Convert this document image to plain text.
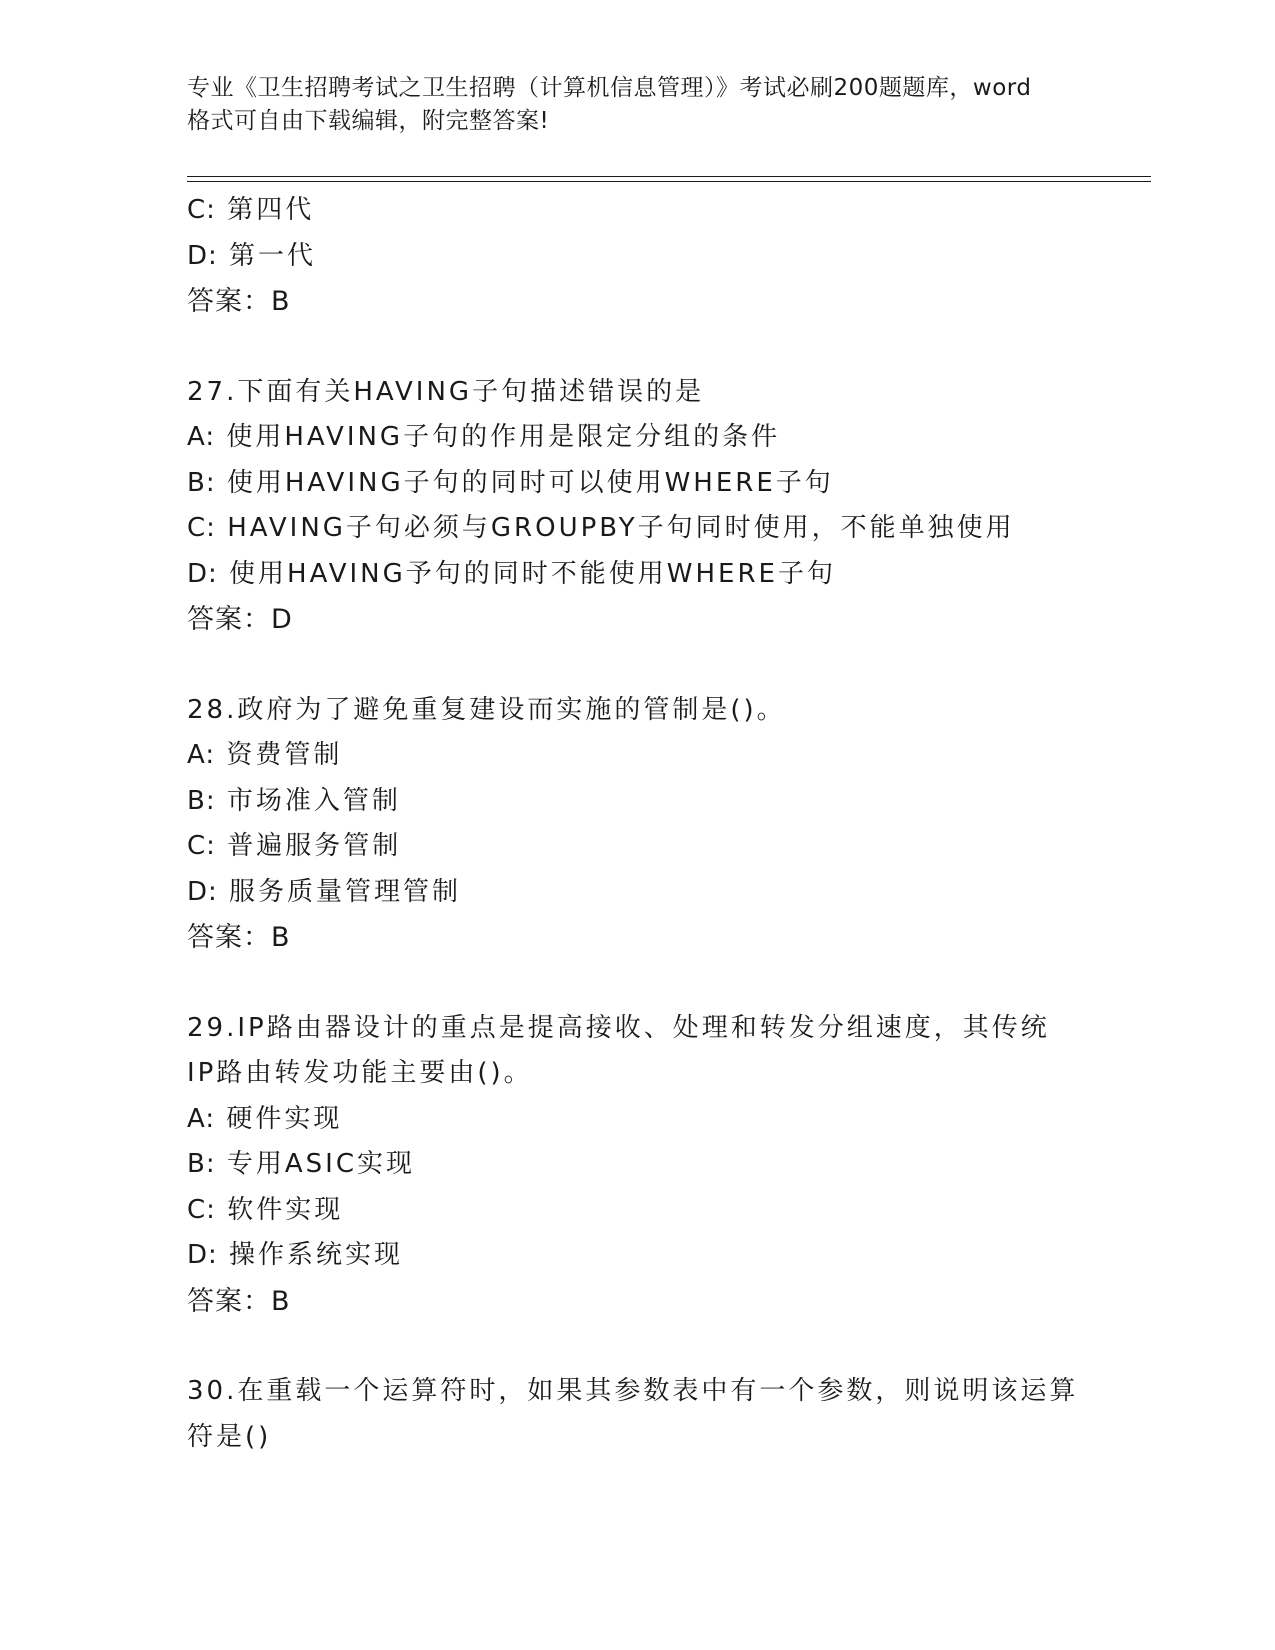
专业《卫生招聘考试之卫生招聘（计算机信息管理）》考试必刷200题题库，word
格式可自由下载编辑，附完整答案!
C: 第四代
D: 第一代
答案：B
27.下面有关HAVING子句描述错误的是
A: 使用HAVING子句的作用是限定分组的条件
B: 使用HAVING子句的同时可以使用WHERE子句
C: HAVING子句必须与GROUPBY子句同时使用，不能单独使用
D: 使用HAVING予句的同时不能使用WHERE子句
答案：D
28.政府为了避免重复建设而实施的管制是()。
A: 资费管制
B: 市场准入管制
C: 普遍服务管制
D: 服务质量管理管制
答案：B
29.IP路由器设计的重点是提高接收、处理和转发分组速度，其传统
IP路由转发功能主要由()。
A: 硬件实现
B: 专用ASIC实现
C: 软件实现
D: 操作系统实现
答案：B
30.在重载一个运算符时，如果其参数表中有一个参数，则说明该运算
符是()
